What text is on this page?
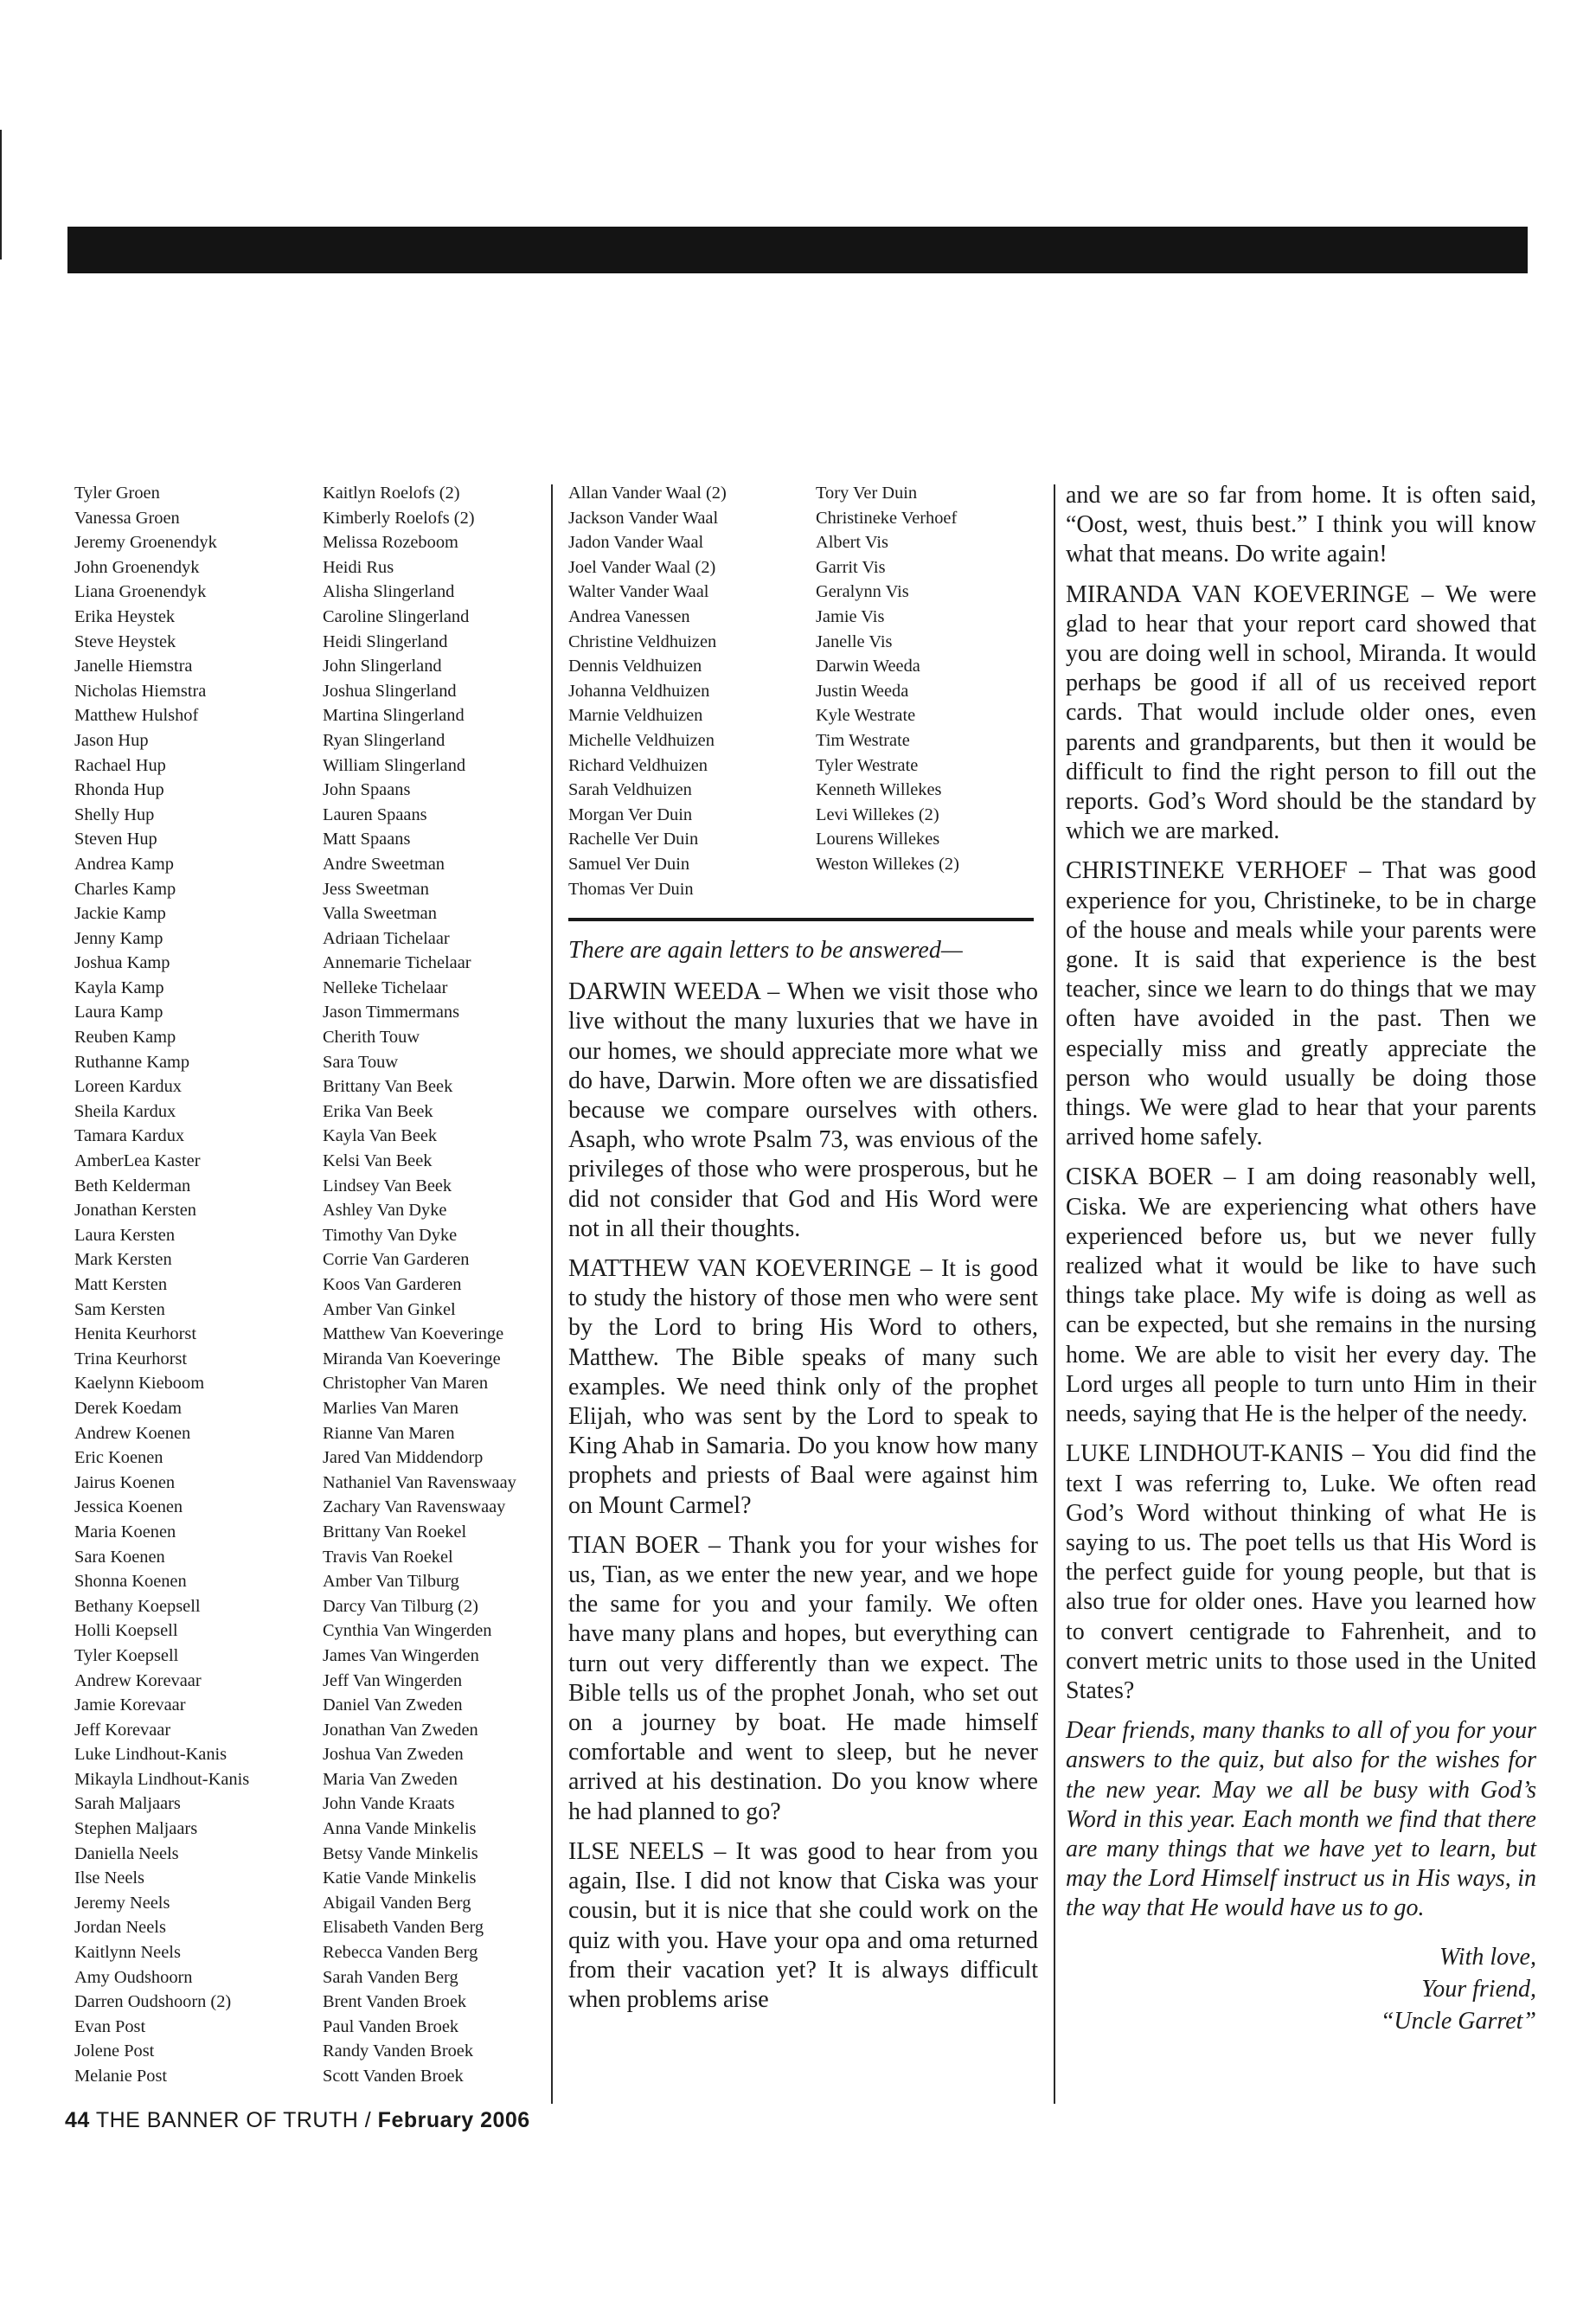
Tyler Groen
Vanessa Groen
Jeremy Groenendyk
John Groenendyk
Liana Groenendyk
Erika Heystek
Steve Heystek
Janelle Hiemstra
Nicholas Hiemstra
Matthew Hulshof
Jason Hup
Rachael Hup
Rhonda Hup
Shelly Hup
Steven Hup
Andrea Kamp
Charles Kamp
Jackie Kamp
Jenny Kamp
Joshua Kamp
Kayla Kamp
Laura Kamp
Reuben Kamp
Ruthanne Kamp
Loreen Kardux
Sheila Kardux
Tamara Kardux
AmberLea Kaster
Beth Kelderman
Jonathan Kersten
Laura Kersten
Mark Kersten
Matt Kersten
Sam Kersten
Henita Keurhorst
Trina Keurhorst
Kaelynn Kieboom
Derek Koedam
Andrew Koenen
Eric Koenen
Jairus Koenen
Jessica Koenen
Maria Koenen
Sara Koenen
Shonna Koenen
Bethany Koepsell
Holli Koepsell
Tyler Koepsell
Andrew Korevaar
Jamie Korevaar
Jeff Korevaar
Luke Lindhout-Kanis
Mikayla Lindhout-Kanis
Sarah Maljaars
Stephen Maljaars
Daniella Neels
Ilse Neels
Jeremy Neels
Jordan Neels
Kaitlynn Neels
Amy Oudshoorn
Darren Oudshoorn (2)
Evan Post
Jolene Post
Melanie Post
Kaitlyn Roelofs (2)
Kimberly Roelofs (2)
Melissa Rozeboom
Heidi Rus
Alisha Slingerland
Caroline Slingerland
Heidi Slingerland
John Slingerland
Joshua Slingerland
Martina Slingerland
Ryan Slingerland
William Slingerland
John Spaans
Lauren Spaans
Matt Spaans
Andre Sweetman
Jess Sweetman
Valla Sweetman
Adriaan Tichelaar
Annemarie Tichelaar
Nelleke Tichelaar
Jason Timmermans
Cherith Touw
Sara Touw
Brittany Van Beek
Erika Van Beek
Kayla Van Beek
Kelsi Van Beek
Lindsey Van Beek
Ashley Van Dyke
Timothy Van Dyke
Corrie Van Garderen
Koos Van Garderen
Amber Van Ginkel
Matthew Van Koeveringe
Miranda Van Koeveringe
Christopher Van Maren
Marlies Van Maren
Rianne Van Maren
Jared Van Middendorp
Nathaniel Van Ravenswaay
Zachary Van Ravenswaay
Brittany Van Roekel
Travis Van Roekel
Amber Van Tilburg
Darcy Van Tilburg (2)
Cynthia Van Wingerden
James Van Wingerden
Jeff Van Wingerden
Daniel Van Zweden
Jonathan Van Zweden
Joshua Van Zweden
Maria Van Zweden
John Vande Kraats
Anna Vande Minkelis
Betsy Vande Minkelis
Katie Vande Minkelis
Abigail Vanden Berg
Elisabeth Vanden Berg
Rebecca Vanden Berg
Sarah Vanden Berg
Brent Vanden Broek
Paul Vanden Broek
Randy Vanden Broek
Scott Vanden Broek
Allan Vander Waal (2)
Jackson Vander Waal
Jadon Vander Waal
Joel Vander Waal (2)
Walter Vander Waal
Andrea Vanessen
Christine Veldhuizen
Dennis Veldhuizen
Johanna Veldhuizen
Marnie Veldhuizen
Michelle Veldhuizen
Richard Veldhuizen
Sarah Veldhuizen
Morgan Ver Duin
Rachelle Ver Duin
Samuel Ver Duin
Thomas Ver Duin
Tory Ver Duin
Christineke Verhoef
Albert Vis
Garrit Vis
Geralynn Vis
Jamie Vis
Janelle Vis
Darwin Weeda
Justin Weeda
Kyle Westrate
Tim Westrate
Tyler Westrate
Kenneth Willekes
Levi Willekes (2)
Lourens Willekes
Weston Willekes (2)

There are again letters to be answered—

DARWIN WEEDA – When we visit those who live without the many luxuries that we have in our homes, we should appreciate more what we do have, Darwin. More often we are dissatisfied because we compare ourselves with others. Asaph, who wrote Psalm 73, was envious of the privileges of those who were prosperous, but he did not consider that God and His Word were not in all their thoughts.

MATTHEW VAN KOEVERINGE – It is good to study the history of those men who were sent by the Lord to bring His Word to others, Matthew. The Bible speaks of many such examples. We need think only of the prophet Elijah, who was sent by the Lord to speak to King Ahab in Samaria. Do you know how many prophets and priests of Baal were against him on Mount Carmel?

TIAN BOER – Thank you for your wishes for us, Tian, as we enter the new year, and we hope the same for you and your family. We often have many plans and hopes, but everything can turn out very differently than we expect. The Bible tells us of the prophet Jonah, who set out on a journey by boat. He made himself comfortable and went to sleep, but he never arrived at his destination. Do you know where he had planned to go?

ILSE NEELS – It was good to hear from you again, Ilse. I did not know that Ciska was your cousin, but it is nice that she could work on the quiz with you. Have your opa and oma returned from their vacation yet? It is always difficult when problems arise

and we are so far from home. It is often said, “Oost, west, thuis best.” I think you will know what that means. Do write again!

MIRANDA VAN KOEVERINGE – We were glad to hear that your report card showed that you are doing well in school, Miranda. It would perhaps be good if all of us received report cards. That would include older ones, even parents and grandparents, but then it would be difficult to find the right person to fill out the reports. God’s Word should be the standard by which we are marked.

CHRISTINEKE VERHOEF – That was good experience for you, Christineke, to be in charge of the house and meals while your parents were gone. It is said that experience is the best teacher, since we learn to do things that we may often have avoided in the past. Then we especially miss and greatly appreciate the person who would usually be doing those things. We were glad to hear that your parents arrived home safely.

CISKA BOER – I am doing reasonably well, Ciska. We are experiencing what others have experienced before us, but we never fully realized what it would be like to have such things take place. My wife is doing as well as can be expected, but she remains in the nursing home. We are able to visit her every day. The Lord urges all people to turn unto Him in their needs, saying that He is the helper of the needy.

LUKE LINDHOUT-KANIS – You did find the text I was referring to, Luke. We often read God’s Word without thinking of what He is saying to us. The poet tells us that His Word is the perfect guide for young people, but that is also true for older ones. Have you learned how to convert centigrade to Fahrenheit, and to convert metric units to those used in the United States?

Dear friends, many thanks to all of you for your answers to the quiz, but also for the wishes for the new year. May we all be busy with God’s Word in this year. Each month we find that there are many things that we have yet to learn, but may the Lord Himself instruct us in His ways, in the way that He would have us to go.

With love,
Your friend,
“Uncle Garret”
44 THE BANNER OF TRUTH / February 2006
